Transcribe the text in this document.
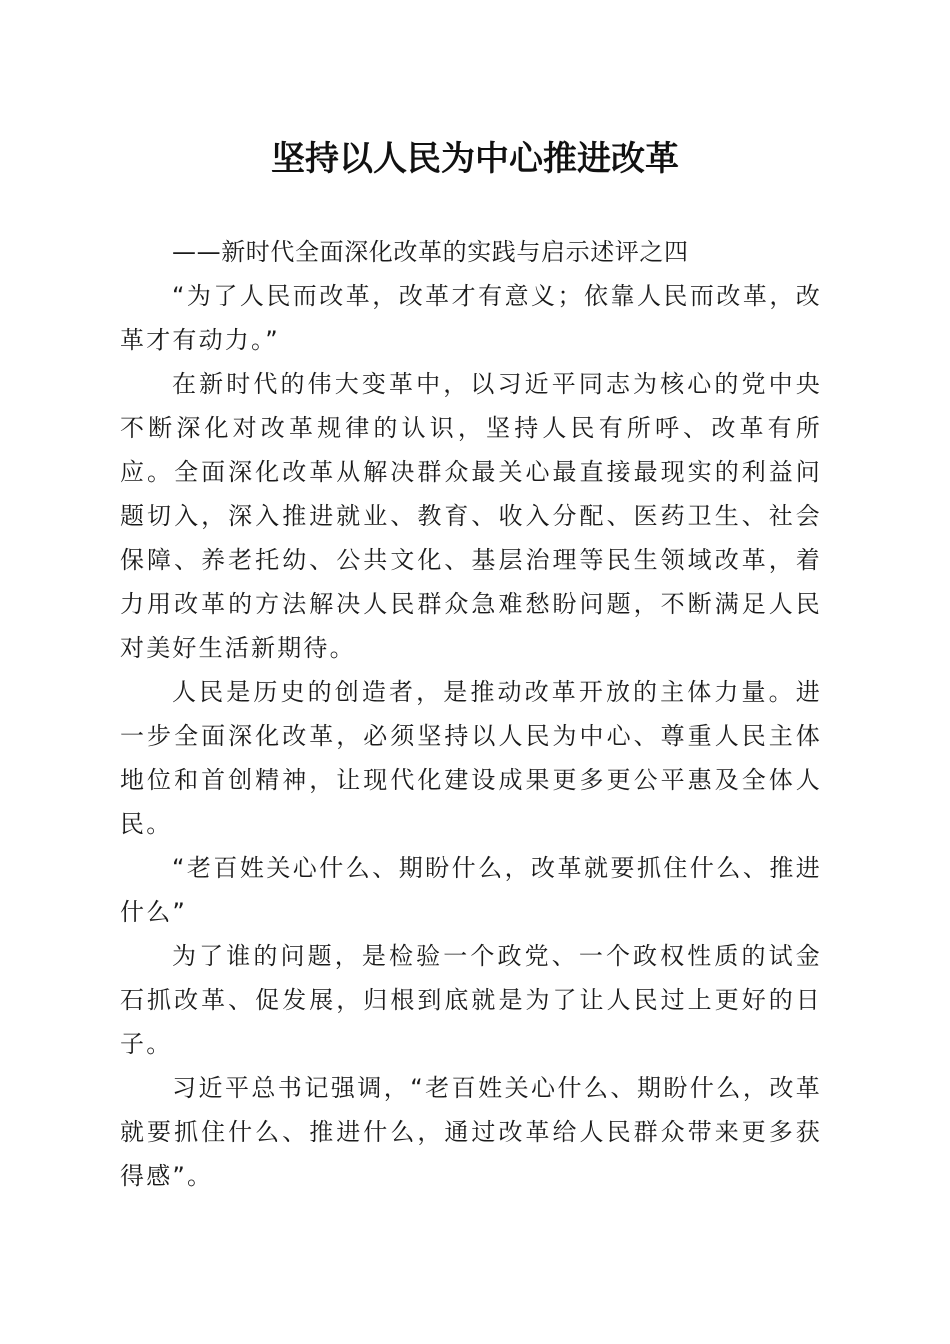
坚持以人民为中心推进改革

——新时代全面深化改革的实践与启示述评之四

“为了人民而改革，改革才有意义；依靠人民而改革，改革才有动力。”

在新时代的伟大变革中，以习近平同志为核心的党中央不断深化对改革规律的认识，坚持人民有所呼、改革有所应。全面深化改革从解决群众最关心最直接最现实的利益问题切入，深入推进就业、教育、收入分配、医药卫生、社会保障、养老托幼、公共文化、基层治理等民生领域改革，着力用改革的方法解决人民群众急难愁盼问题，不断满足人民对美好生活新期待。

人民是历史的创造者，是推动改革开放的主体力量。进一步全面深化改革，必须坚持以人民为中心、尊重人民主体地位和首创精神，让现代化建设成果更多更公平惠及全体人民。

“老百姓关心什么、期盼什么，改革就要抓住什么、推进什么”

为了谁的问题，是检验一个政党、一个政权性质的试金石抓改革、促发展，归根到底就是为了让人民过上更好的日子。

习近平总书记强调，“老百姓关心什么、期盼什么，改革就要抓住什么、推进什么，通过改革给人民群众带来更多获得感”。
